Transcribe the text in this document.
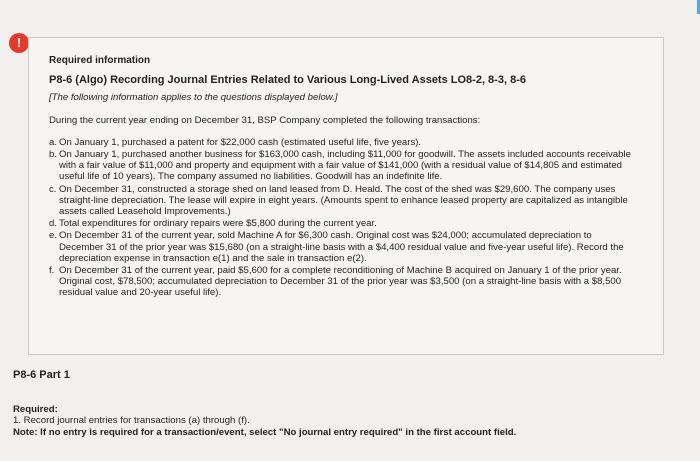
!
Required information
P8-6 (Algo) Recording Journal Entries Related to Various Long-Lived Assets LO8-2, 8-3, 8-6
[The following information applies to the questions displayed below.]
During the current year ending on December 31, BSP Company completed the following transactions:
a. On January 1, purchased a patent for $22,000 cash (estimated useful life, five years).
b. On January 1, purchased another business for $163,000 cash, including $11,000 for goodwill. The assets included accounts receivable with a fair value of $11,000 and property and equipment with a fair value of $141,000 (with a residual value of $14,805 and estimated useful life of 10 years). The company assumed no liabilities. Goodwill has an indefinite life.
c. On December 31, constructed a storage shed on land leased from D. Heald. The cost of the shed was $29,600. The company uses straight-line depreciation. The lease will expire in eight years. (Amounts spent to enhance leased property are capitalized as intangible assets called Leasehold Improvements.)
d. Total expenditures for ordinary repairs were $5,800 during the current year.
e. On December 31 of the current year, sold Machine A for $6,300 cash. Original cost was $24,000; accumulated depreciation to December 31 of the prior year was $15,680 (on a straight-line basis with a $4,400 residual value and five-year useful life). Record the depreciation expense in transaction e(1) and the sale in transaction e(2).
f. On December 31 of the current year, paid $5,600 for a complete reconditioning of Machine B acquired on January 1 of the prior year. Original cost, $78,500; accumulated depreciation to December 31 of the prior year was $3,500 (on a straight-line basis with a $8,500 residual value and 20-year useful life).
P8-6 Part 1
Required:
1. Record journal entries for transactions (a) through (f).
Note: If no entry is required for a transaction/event, select "No journal entry required" in the first account field.
